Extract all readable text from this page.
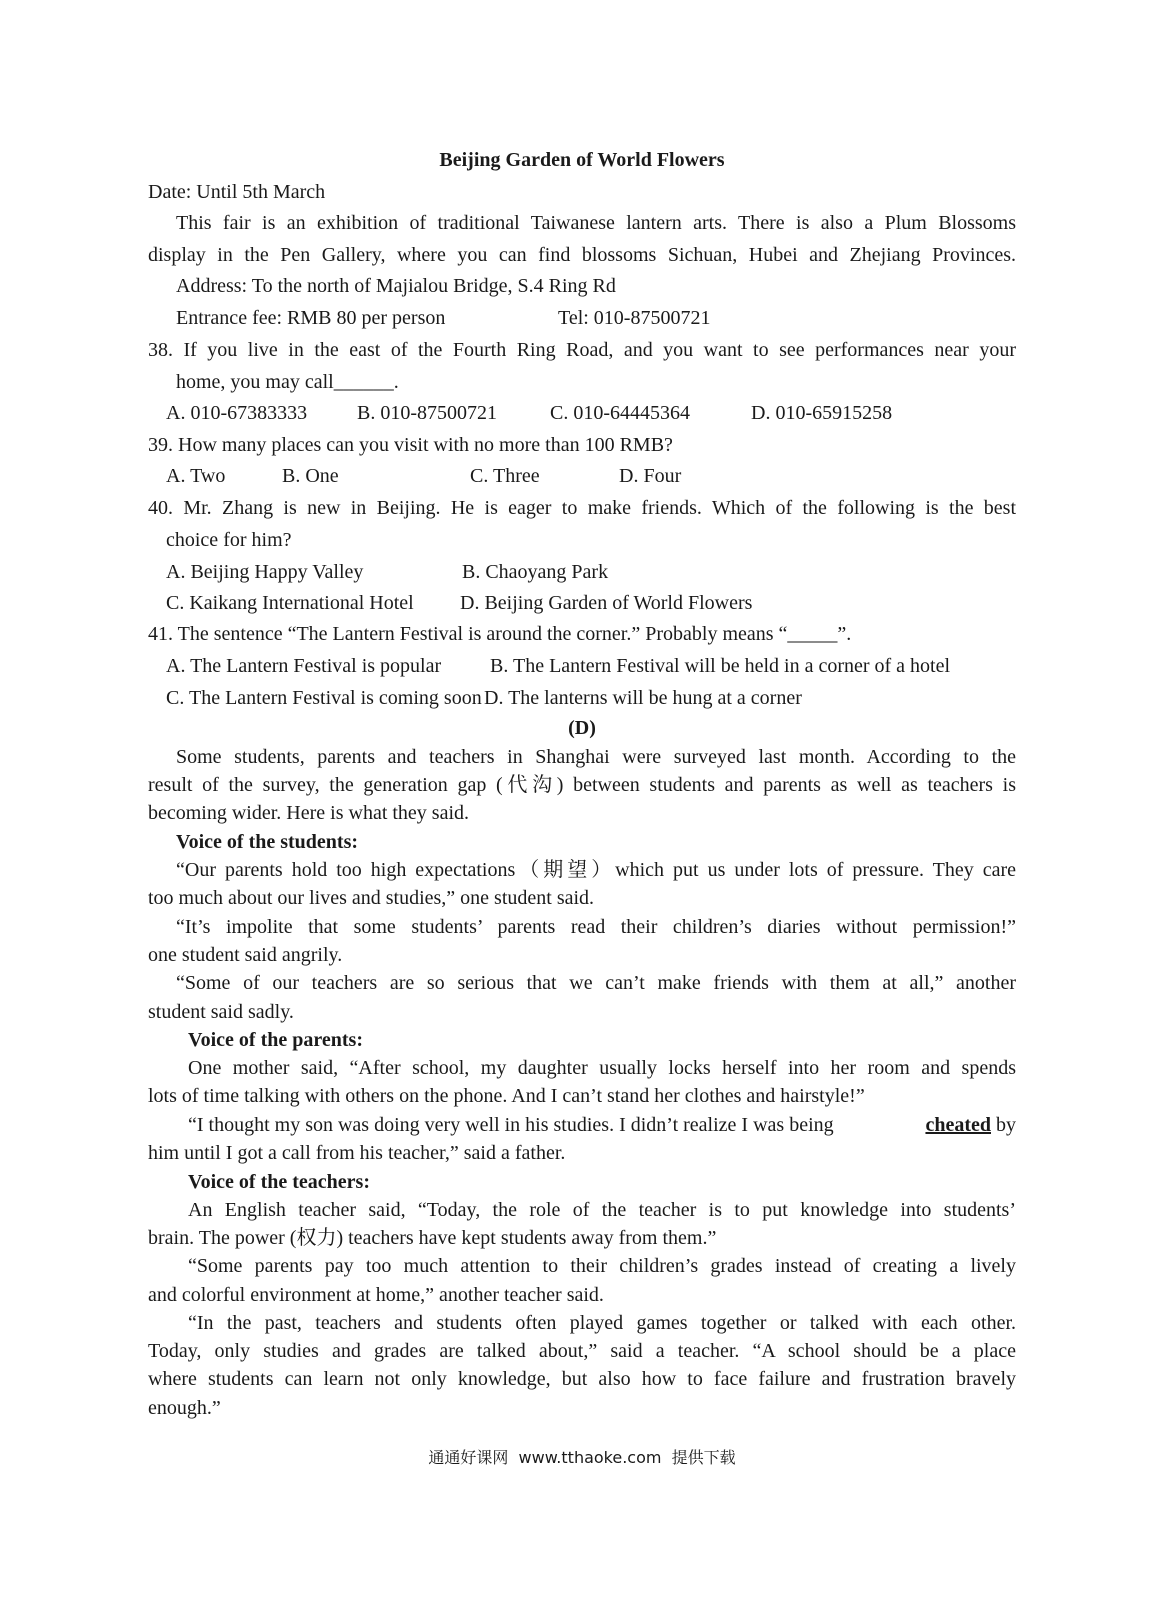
Beijing Garden of World Flowers
Date: Until 5th March
This fair is an exhibition of traditional Taiwanese lantern arts. There is also a Plum Blossoms
display in the Pen Gallery, where you can find blossoms Sichuan, Hubei and Zhejiang Provinces.
Address: To the north of Majialou Bridge, S.4 Ring Rd
Entrance fee: RMB 80 per person	Tel: 010-87500721
38. If you live in the east of the Fourth Ring Road, and you want to see performances near your
home, you may call______.
A. 010-67383333 B. 010-87500721	C. 010-64445364	D. 010-65915258
39. How many places can you visit with no more than 100 RMB?
A. Two	B. One	C. Three	D. Four
40. Mr. Zhang is new in Beijing. He is eager to make friends. Which of the following is the best
choice for him?
A. Beijing Happy Valley	B. Chaoyang Park
C. Kaikang International Hotel D. Beijing Garden of World Flowers
41. The sentence “The Lantern Festival is around the corner.” Probably means “_____”.
A. The Lantern Festival is popular B. The Lantern Festival will be held in a corner of a hotel
C. The Lantern Festival is coming soon D. The lanterns will be hung at a corner
(D)
Some students, parents and teachers in Shanghai were surveyed last month. According to the
result of the survey, the generation gap (代沟) between students and parents as well as teachers is
becoming wider. Here is what they said.
Voice of the students:
“Our parents hold too high expectations（期望）which put us under lots of pressure. They care
too much about our lives and studies,” one student said.
“It’s impolite that some students’ parents read their children’s diaries without permission!”
one student said angrily.
“Some of our teachers are so serious that we can’t make friends with them at all,” another
student said sadly.
Voice of the parents:
One mother said, “After school, my daughter usually locks herself into her room and spends
lots of time talking with others on the phone. And I can’t stand her clothes and hairstyle!”
“I thought my son was doing very well in his studies. I didn’t realize I was being	cheated by
him until I got a call from his teacher,” said a father.
Voice of the teachers:
An English teacher said, “Today, the role of the teacher is to put knowledge into students’
brain. The power (权力) teachers have kept students away from them.”
“Some parents pay too much attention to their children’s grades instead of creating a lively
and colorful environment at home,” another teacher said.
“In the past, teachers and students often played games together or talked with each other.
Today, only studies and grades are talked about,” said a teacher. “A school should be a place
where students can learn not only knowledge, but also how to face failure and frustration bravely
enough.”
通通好课网 www.tthaoke.com 提供下载
